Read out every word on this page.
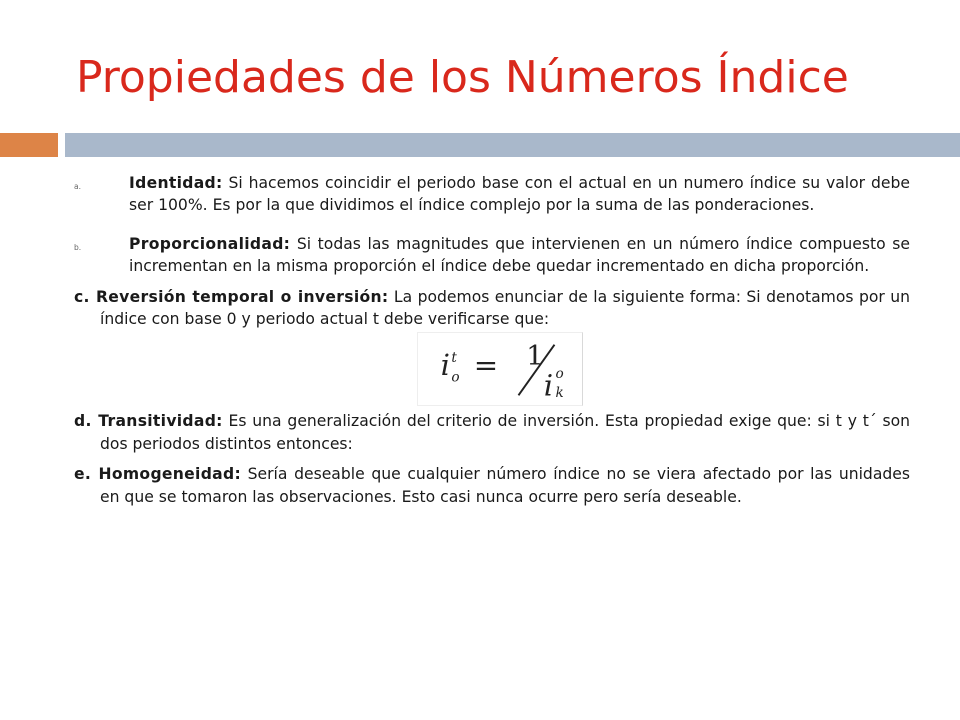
Propiedades de los Números Índice

a.	Identidad: Si hacemos coincidir el periodo base con el actual en un numero índice su valor debe ser 100%. Es por la que dividimos el índice complejo por la suma de las ponderaciones.

b.	Proporcionalidad: Si todas las magnitudes que intervienen en un número índice compuesto se incrementan en la misma proporción el índice debe quedar incrementado en dicha proporción.

c. Reversión temporal o inversión: La podemos enunciar de la siguiente forma: Si denotamos por un índice con base 0 y periodo actual t debe verificarse que:

i t
o = 1
i o
k

d. Transitividad: Es una generalización del criterio de inversión. Esta propiedad exige que: si t y t´ son dos periodos distintos entonces:

e. Homogeneidad: Sería deseable que cualquier número índice no se viera afectado por las unidades en que se tomaron las observaciones. Esto casi nunca ocurre pero sería deseable.
